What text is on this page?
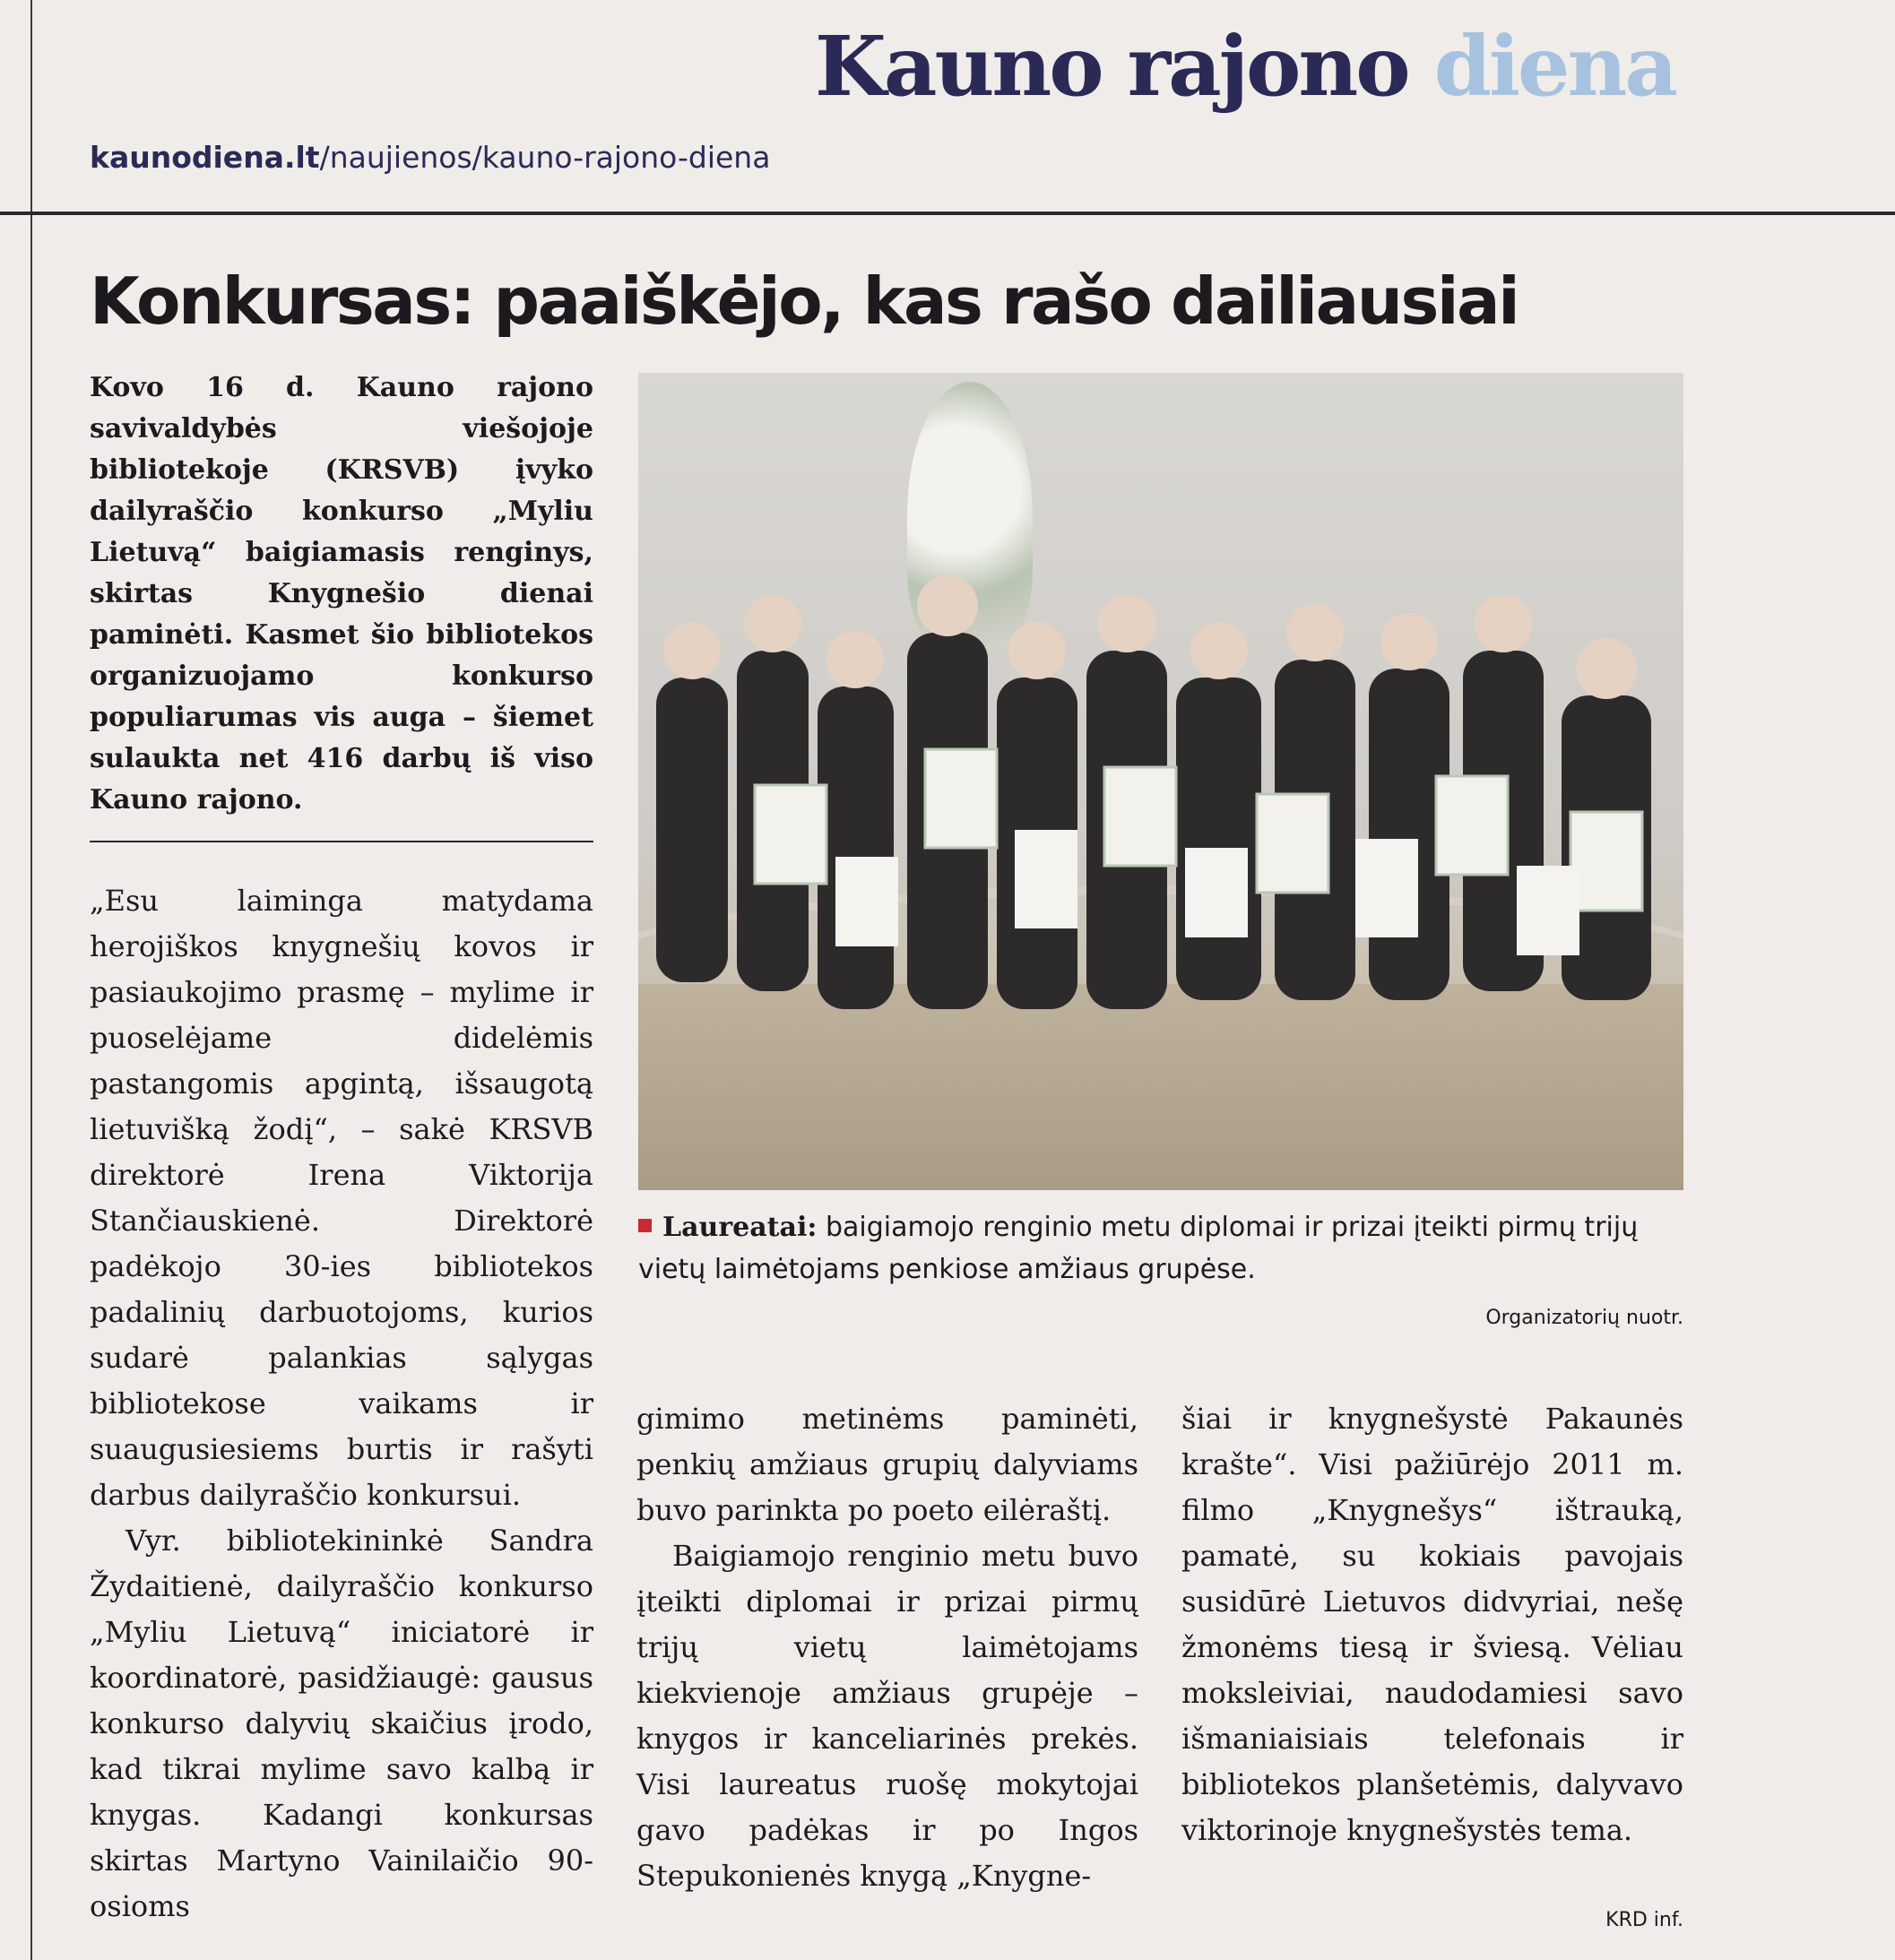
Kauno rajono diena
kaunodiena.lt/naujienos/kauno-rajono-diena
Konkursas: paaiškėjo, kas rašo dailiausiai

Kovo 16 d. Kauno rajono savivaldybės viešojoje bibliotekoje (KRSVB) įvyko dailyraščio konkurso „Myliu Lietuvą“ baigiamasis renginys, skirtas Knygnešio dienai paminėti. Kasmet šio bibliotekos organizuojamo konkurso populiarumas vis auga – šiemet sulaukta net 416 darbų iš viso Kauno rajono.

„Esu laiminga matydama herojiškos knygnešių kovos ir pasiaukojimo prasmę – mylime ir puoselėjame didelėmis pastangomis apgintą, išsaugotą lietuvišką žodį“, – sakė KRSVB direktorė Irena Viktorija Stančiauskienė. Direktorė padėkojo 30-ies bibliotekos padalinių darbuotojoms, kurios sudarė palankias sąlygas bibliotekose vaikams ir suaugusiesiems burtis ir rašyti darbus dailyraščio konkursui.

Vyr. bibliotekininkė Sandra Žydaitienė, dailyraščio konkurso „Myliu Lietuvą“ iniciatorė ir koordinatorė, pasidžiaugė: gausus konkurso dalyvių skaičius įrodo, kad tikrai mylime savo kalbą ir knygas. Kadangi konkursas skirtas Martyno Vainilaičio 90-osioms

Laureatai: baigiamojo renginio metu diplomai ir prizai įteikti pirmų trijų vietų laimėtojams penkiose amžiaus grupėse.

Organizatorių nuotr.

gimimo metinėms paminėti, penkių amžiaus grupių dalyviams buvo parinkta po poeto eilėraštį.

Baigiamojo renginio metu buvo įteikti diplomai ir prizai pirmų trijų vietų laimėtojams kiekvienoje amžiaus grupėje – knygos ir kanceliarinės prekės. Visi laureatus ruošę mokytojai gavo padėkas ir po Ingos Stepukonienės knygą „Knygne-

šiai ir knygnešystė Pakaunės krašte“. Visi pažiūrėjo 2011 m. filmo „Knygnešys“ ištrauką, pamatė, su kokiais pavojais susidūrė Lietuvos didvyriai, nešę žmonėms tiesą ir šviesą. Vėliau moksleiviai, naudodamiesi savo išmaniaisiais telefonais ir bibliotekos planšetėmis, dalyvavo viktorinoje knygnešystės tema.

KRD inf.
